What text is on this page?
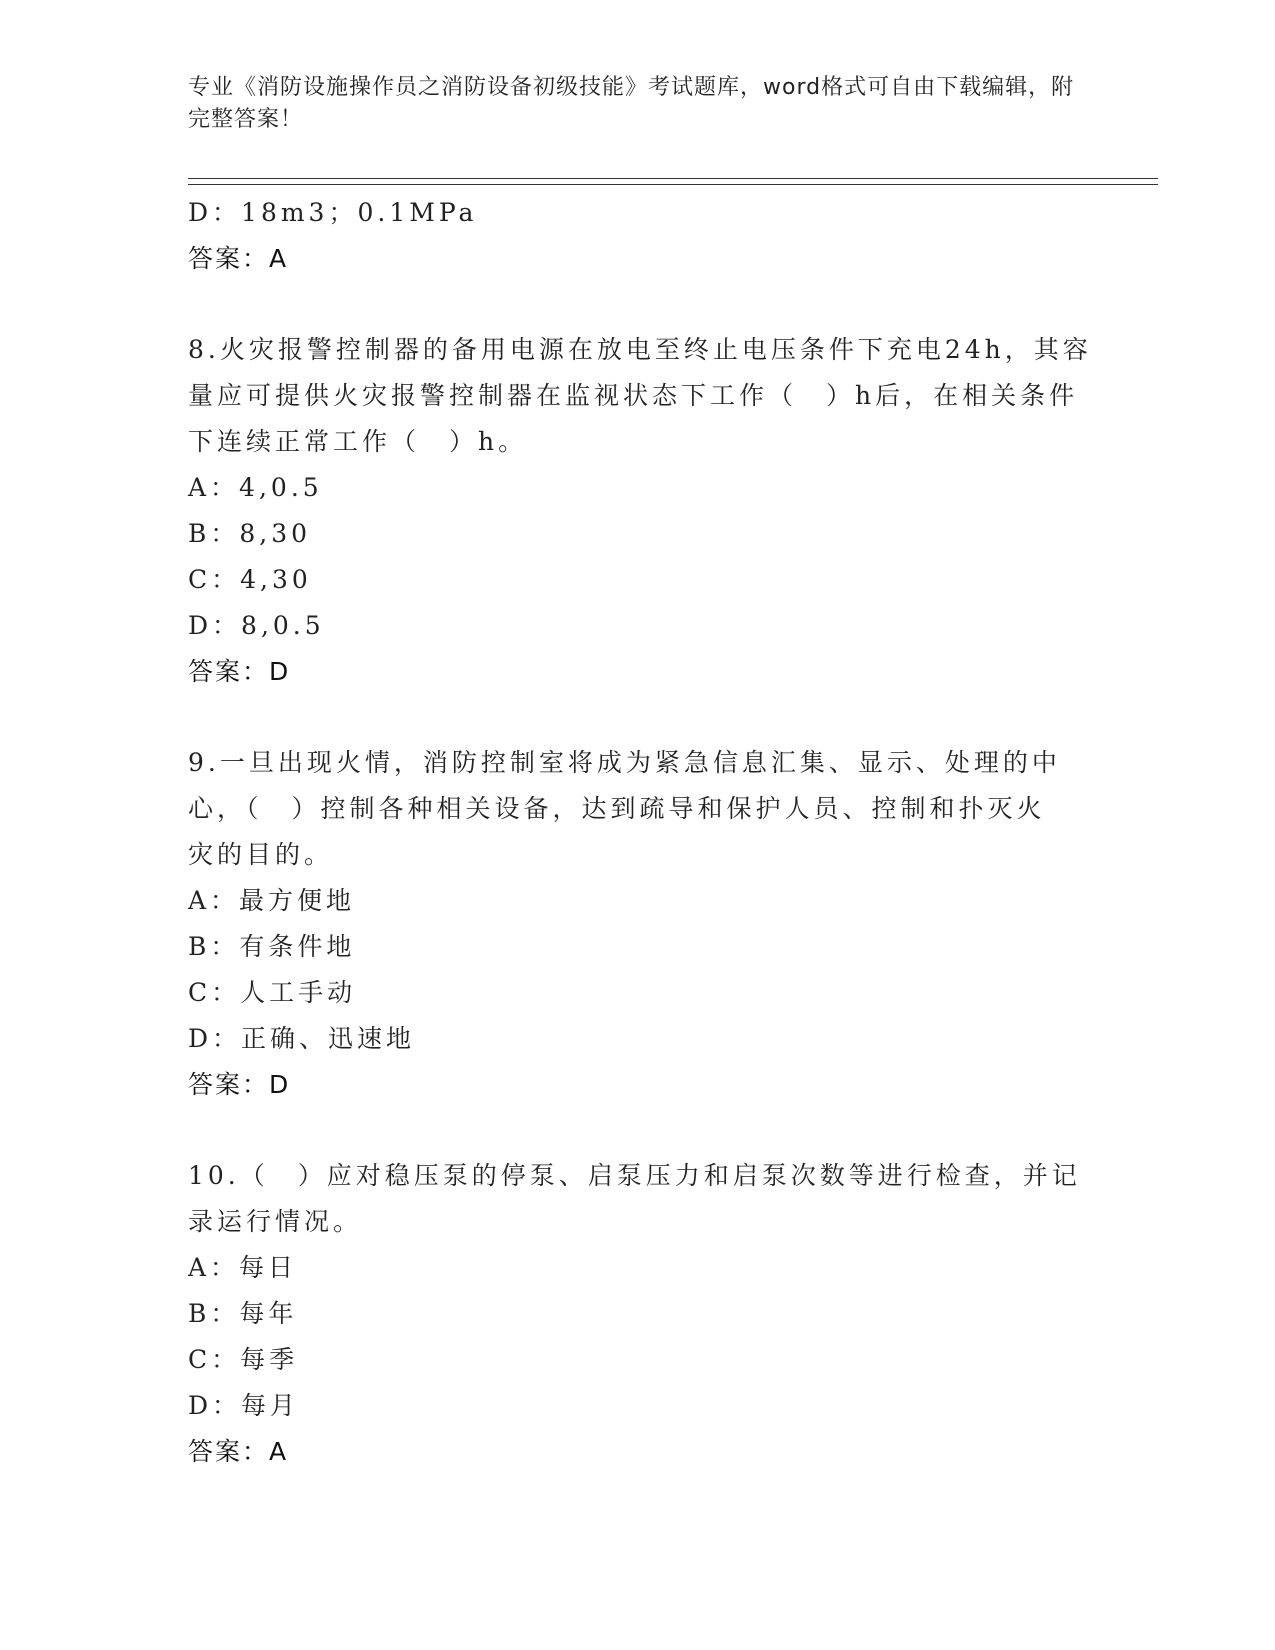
专业《消防设施操作员之消防设备初级技能》考试题库，word格式可自由下载编辑，附完整答案！
D：18m3；0.1MPa
答案：A
8.火灾报警控制器的备用电源在放电至终止电压条件下充电24h，其容
量应可提供火灾报警控制器在监视状态下工作（　）h后，在相关条件
下连续正常工作（　）h。
A：4,0.5
B：8,30
C：4,30
D：8,0.5
答案：D
9.一旦出现火情，消防控制室将成为紧急信息汇集、显示、处理的中
心，（　）控制各种相关设备，达到疏导和保护人员、控制和扑灭火
灾的目的。
A：最方便地
B：有条件地
C：人工手动
D：正确、迅速地
答案：D
10.（　）应对稳压泵的停泵、启泵压力和启泵次数等进行检查，并记
录运行情况。
A：每日
B：每年
C：每季
D：每月
答案：A
